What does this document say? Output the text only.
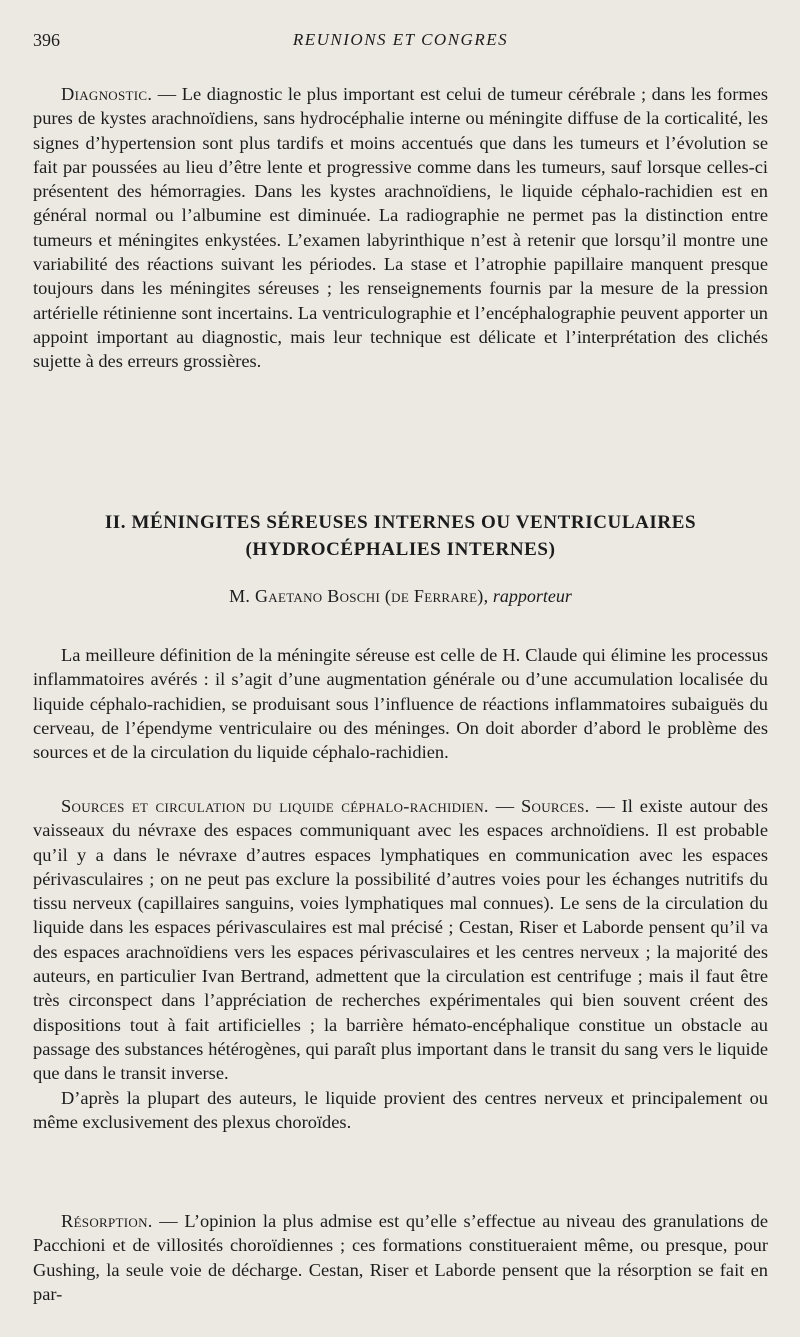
396	REUNIONS ET CONGRES

Diagnostic. — Le diagnostic le plus important est celui de tumeur cérébrale ; dans les formes pures de kystes arachnoïdiens, sans hydrocéphalie interne ou méningite diffuse de la corticalité, les signes d’hypertension sont plus tardifs et moins accentués que dans les tumeurs et l’évolution se fait par poussées au lieu d’être lente et progressive comme dans les tumeurs, sauf lorsque celles-ci présentent des hémorragies. Dans les kystes arachnoïdiens, le liquide céphalo-rachidien est en général normal ou l’albumine est diminuée. La radiographie ne permet pas la distinction entre tumeurs et méningites enkystées. L’examen labyrinthique n’est à retenir que lorsqu’il montre une variabilité des réactions suivant les périodes. La stase et l’atrophie papillaire manquent presque toujours dans les méningites séreuses ; les renseignements fournis par la mesure de la pression artérielle rétinienne sont incertains. La ventriculographie et l’encéphalographie peuvent apporter un appoint important au diagnostic, mais leur technique est délicate et l’interprétation des clichés sujette à des erreurs grossières.

II. MÉNINGITES SÉREUSES INTERNES OU VENTRICULAIRES
(HYDROCÉPHALIES INTERNES)
M. Gaetano Boschi (de Ferrare), rapporteur

La meilleure définition de la méningite séreuse est celle de H. Claude qui élimine les processus inflammatoires avérés : il s’agit d’une augmentation générale ou d’une accumulation localisée du liquide céphalo-rachidien, se produisant sous l’influence de réactions inflammatoires subaiguës du cerveau, de l’épendyme ventriculaire ou des méninges. On doit aborder d’abord le problème des sources et de la circulation du liquide céphalo-rachidien.

Sources et circulation du liquide céphalo-rachidien. — Sources. — Il existe autour des vaisseaux du névraxe des espaces communiquant avec les espaces archnoïdiens. Il est probable qu’il y a dans le névraxe d’autres espaces lymphatiques en communication avec les espaces périvasculaires ; on ne peut pas exclure la possibilité d’autres voies pour les échanges nutritifs du tissu nerveux (capillaires sanguins, voies lymphatiques mal connues). Le sens de la circulation du liquide dans les espaces périvasculaires est mal précisé ; Cestan, Riser et Laborde pensent qu’il va des espaces arachnoïdiens vers les espaces périvasculaires et les centres nerveux ; la majorité des auteurs, en particulier Ivan Bertrand, admettent que la circulation est centrifuge ; mais il faut être très circonspect dans l’appréciation de recherches expérimentales qui bien souvent créent des dispositions tout à fait artificielles ; la barrière hémato-encéphalique constitue un obstacle au passage des substances hétérogènes, qui paraît plus important dans le transit du sang vers le liquide que dans le transit inverse.

D’après la plupart des auteurs, le liquide provient des centres nerveux et principalement ou même exclusivement des plexus choroïdes.

Résorption. — L’opinion la plus admise est qu’elle s’effectue au niveau des granulations de Pacchioni et de villosités choroïdiennes ; ces formations constitueraient même, ou presque, pour Gushing, la seule voie de décharge. Cestan, Riser et Laborde pensent que la résorption se fait en par-
